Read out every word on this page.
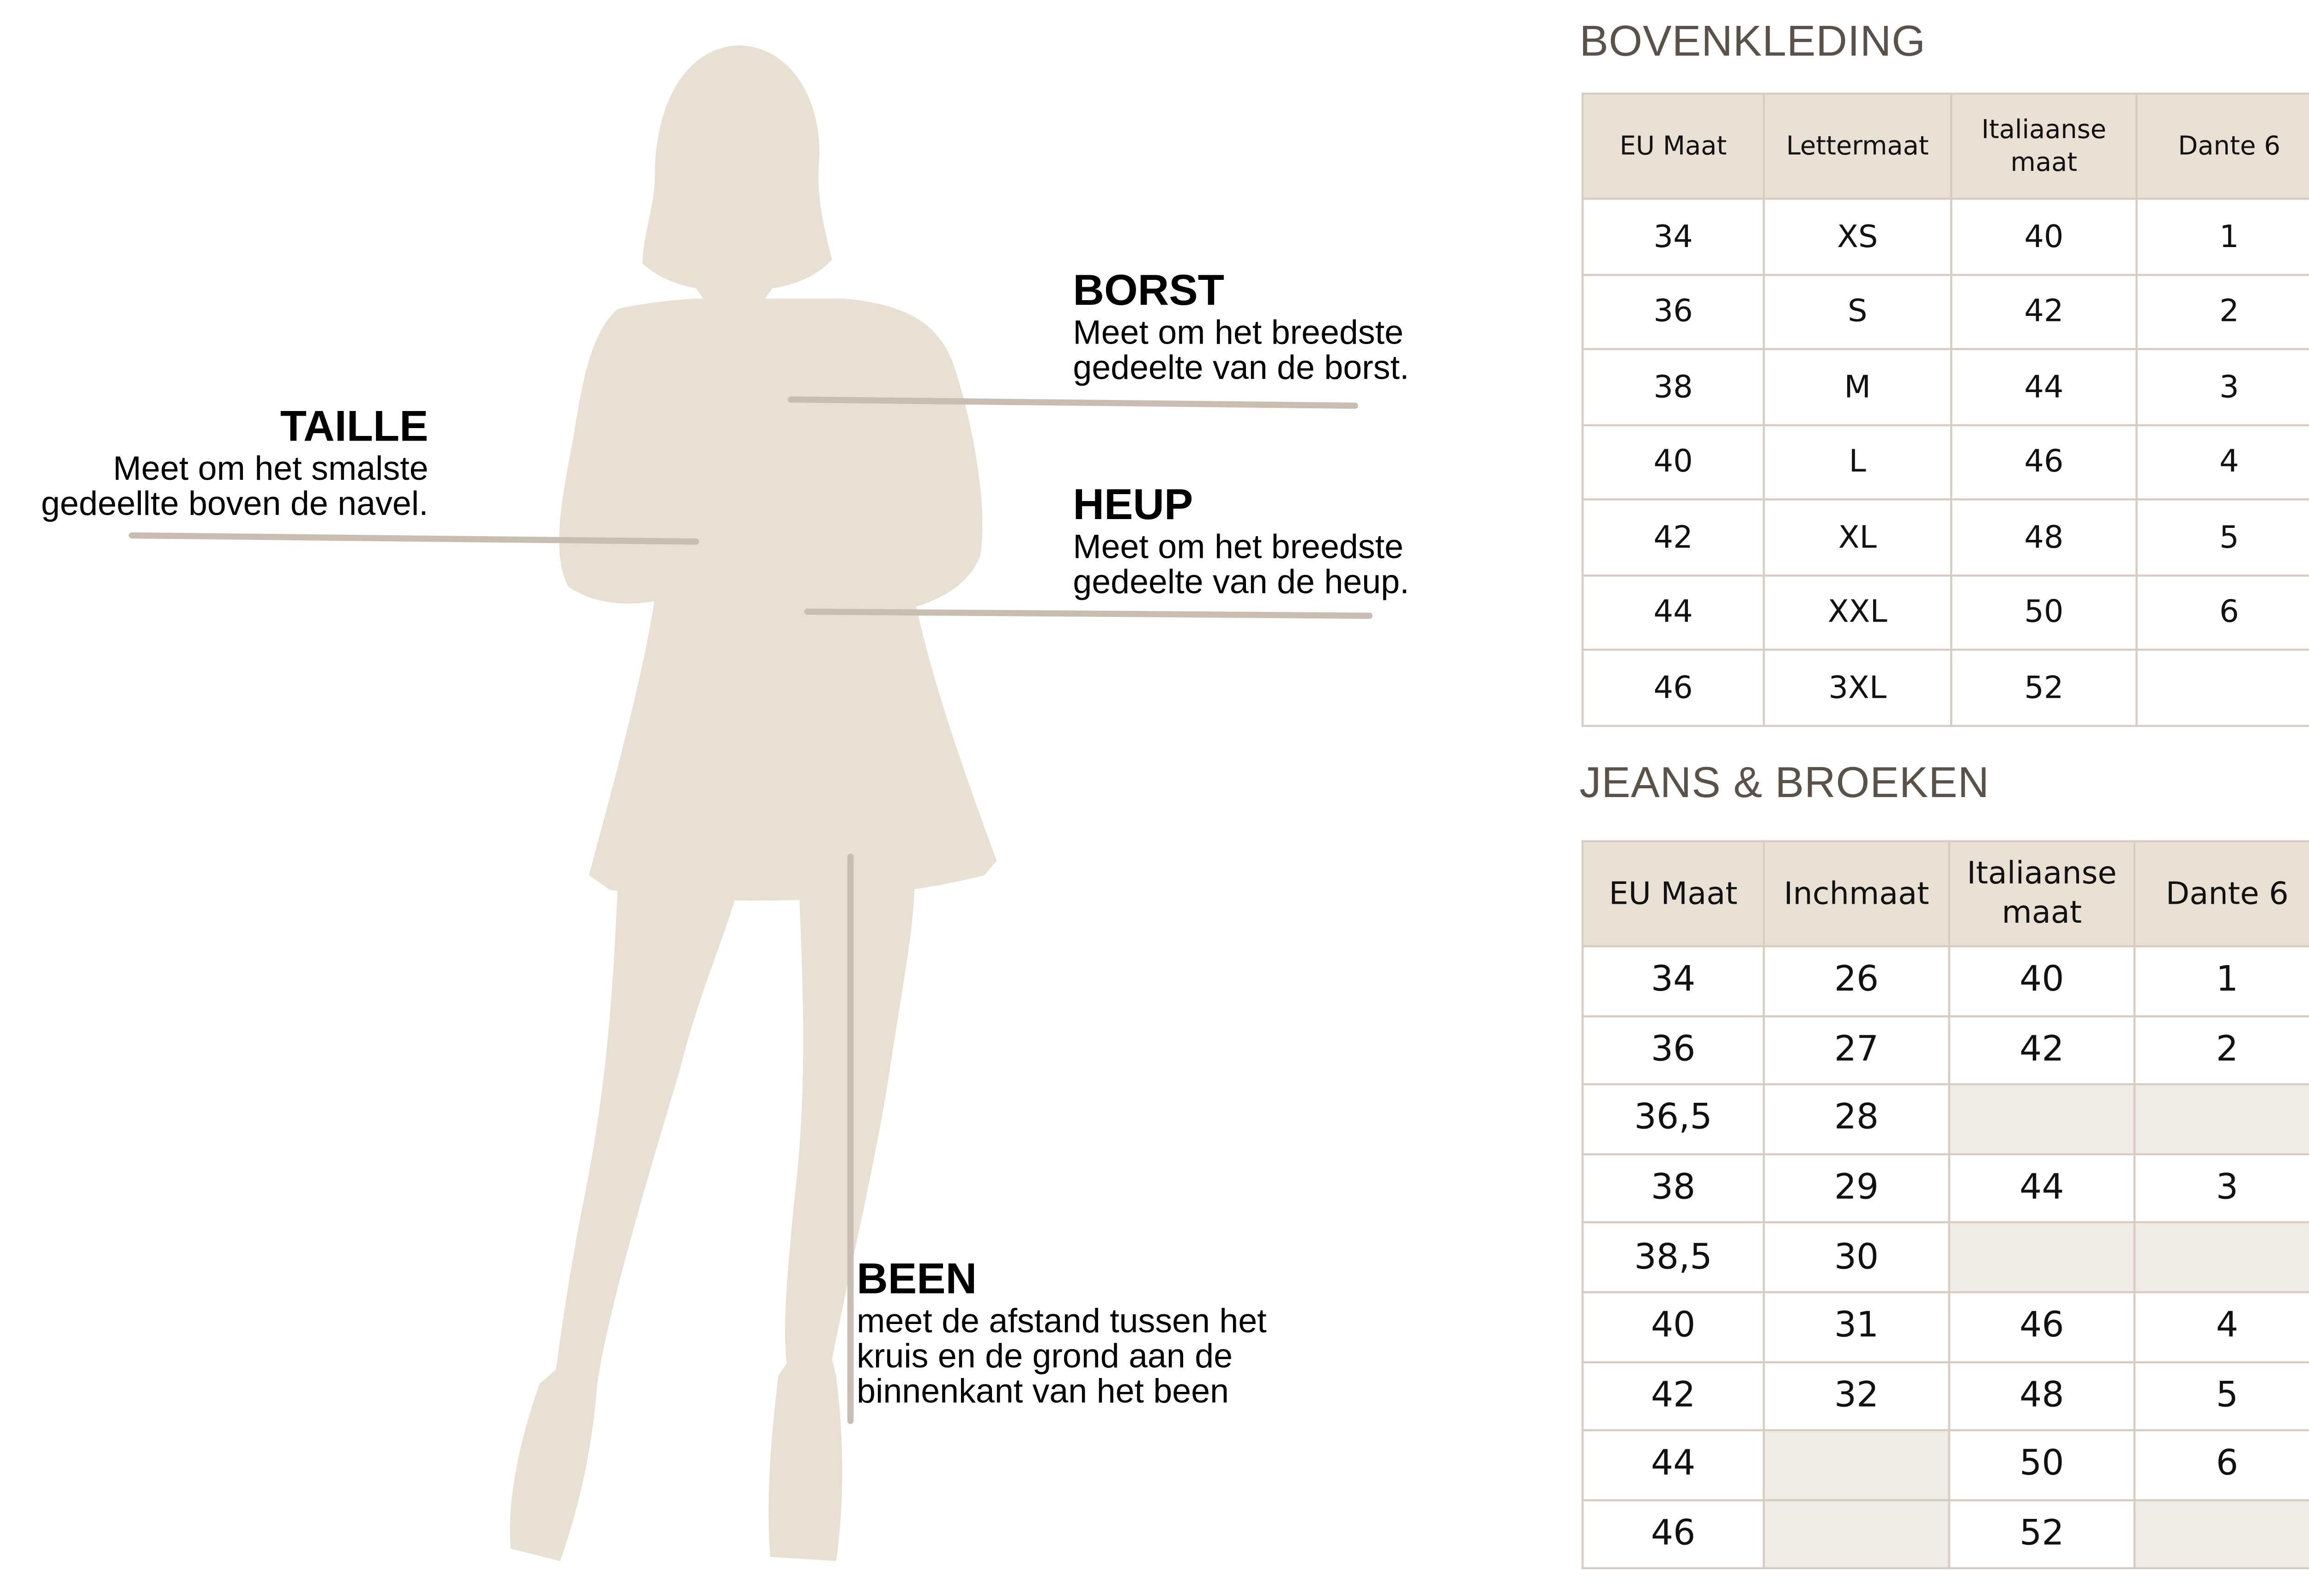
BORST
Meet om het breedste
gedeelte van de borst.
TAILLE
Meet om het smalste
gedeellte boven de navel.	HEUP
Meet om het breedste
gedeelte van de heup.
BEEN
meet de afstand tussen het
kruis en de grond aan de
binnenkant van het been
BOVENKLEDING
EU Maat	Lettermaat	Italiaanse maat	Dante 6	
34	XS	40	1	
36	S	42	2	
38	M	44	3	
40	L	46	4	
42	XL	48	5	
44	XXL	50	6	
46	3XL	52		

JEANS & BROEKEN
EU Maat	Inchmaat	Italiaanse maat	Dante 6	
34	26	40	1	
36	27	42	2	
36,5	28			
38	29	44	3	
38,5	30			
40	31	46	4	
42	32	48	5	
44		50	6	
46		52		
